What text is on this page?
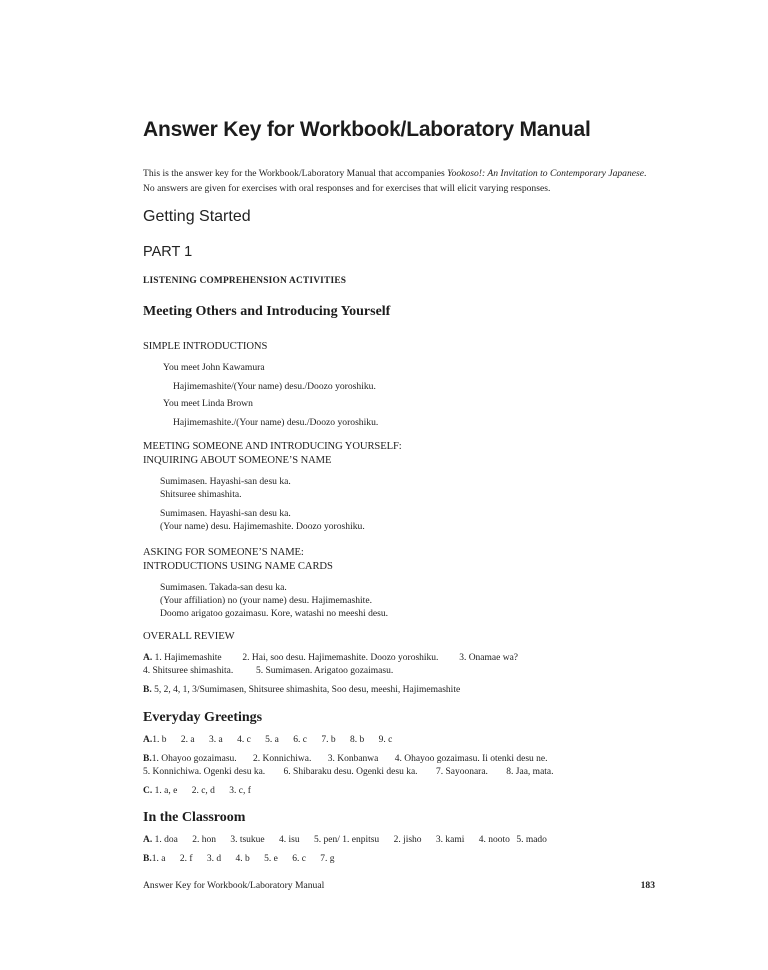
Answer Key for Workbook/Laboratory Manual
This is the answer key for the Workbook/Laboratory Manual that accompanies Yookoso!: An Invitation to Contemporary Japanese. No answers are given for exercises with oral responses and for exercises that will elicit varying responses.
Getting Started
PART 1
LISTENING COMPREHENSION ACTIVITIES
Meeting Others and Introducing Yourself
SIMPLE INTRODUCTIONS
You meet John Kawamura
Hajimemashite/(Your name) desu./Doozo yoroshiku.
You meet Linda Brown
Hajimemashite./(Your name) desu./Doozo yoroshiku.
MEETING SOMEONE AND INTRODUCING YOURSELF:
INQUIRING ABOUT SOMEONE’S NAME
Sumimasen. Hayashi-san desu ka.
Shitsuree shimashita.
Sumimasen. Hayashi-san desu ka.
(Your name) desu. Hajimemashite. Doozo yoroshiku.
ASKING FOR SOMEONE’S NAME:
INTRODUCTIONS USING NAME CARDS
Sumimasen. Takada-san desu ka.
(Your affiliation) no (your name) desu. Hajimemashite.
Doomo arigatoo gozaimasu. Kore, watashi no meeshi desu.
OVERALL REVIEW
A. 1. Hajimemashite 2. Hai, soo desu. Hajimemashite. Doozo yoroshiku. 3. Onamae wa?
4. Shitsuree shimashita. 5. Sumimasen. Arigatoo gozaimasu.
B. 5, 2, 4, 1, 3/Sumimasen, Shitsuree shimashita, Soo desu, meeshi, Hajimemashite
Everyday Greetings
A.1. b 2. a 3. a 4. c 5. a 6. c 7. b 8. b 9. c
B.1. Ohayoo gozaimasu. 2. Konnichiwa. 3. Konbanwa 4. Ohayoo gozaimasu. Ii otenki desu ne.
5. Konnichiwa. Ogenki desu ka. 6. Shibaraku desu. Ogenki desu ka. 7. Sayoonara. 8. Jaa, mata.
C. 1. a, e 2. c, d 3. c, f
In the Classroom
A. 1. doa 2. hon 3. tsukue 4. isu 5. pen/ 1. enpitsu 2. jisho 3. kami 4. nooto 5. mado
B.1. a 2. f 3. d 4. b 5. e 6. c 7. g
Answer Key for Workbook/Laboratory Manual	183
